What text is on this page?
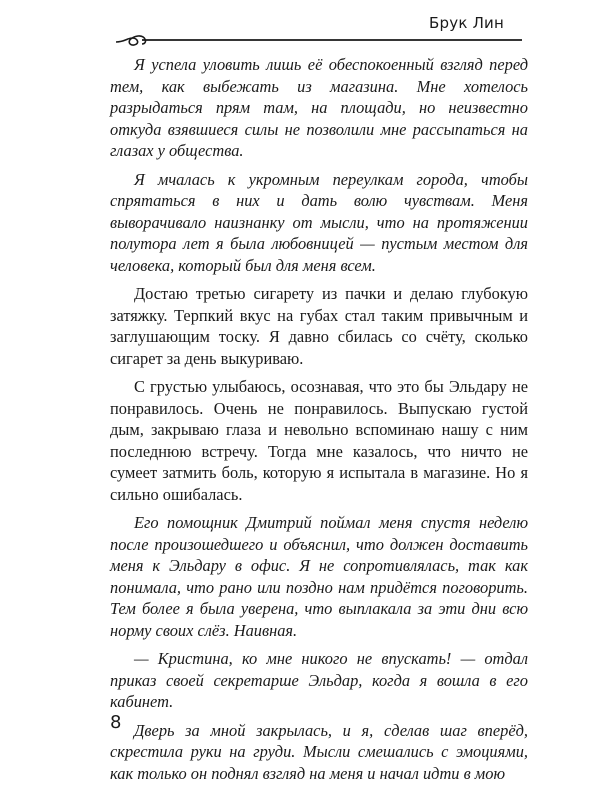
Брук Лин

Я успела уловить лишь её обеспокоенный взгляд перед тем, как выбежать из магазина. Мне хотелось разрыдаться прям там, на площади, но неизвестно откуда взявшиеся силы не позволили мне рассыпаться на глазах у общества.

Я мчалась к укромным переулкам города, чтобы спрятаться в них и дать волю чувствам. Меня выворачивало наизнанку от мысли, что на протяжении полутора лет я была любовницей — пустым местом для человека, который был для меня всем.

Достаю третью сигарету из пачки и делаю глубокую затяжку. Терпкий вкус на губах стал таким привычным и заглушающим тоску. Я давно сбилась со счёту, сколько сигарет за день выкуриваю.

С грустью улыбаюсь, осознавая, что это бы Эльдару не понравилось. Очень не понравилось. Выпускаю густой дым, закрываю глаза и невольно вспоминаю нашу с ним последнюю встречу. Тогда мне казалось, что ничто не сумеет затмить боль, которую я испытала в магазине. Но я сильно ошибалась.

Его помощник Дмитрий поймал меня спустя неделю после произошедшего и объяснил, что должен доставить меня к Эльдару в офис. Я не сопротивлялась, так как понимала, что рано или поздно нам придётся поговорить. Тем более я была уверена, что выплакала за эти дни всю норму своих слёз. Наивная.

— Кристина, ко мне никого не впускать! — отдал приказ своей секретарше Эльдар, когда я вошла в его кабинет.

Дверь за мной закрылась, и я, сделав шаг вперёд, скрестила руки на груди. Мысли смешались с эмоциями, как только он поднял взгляд на меня и начал идти в мою

8
